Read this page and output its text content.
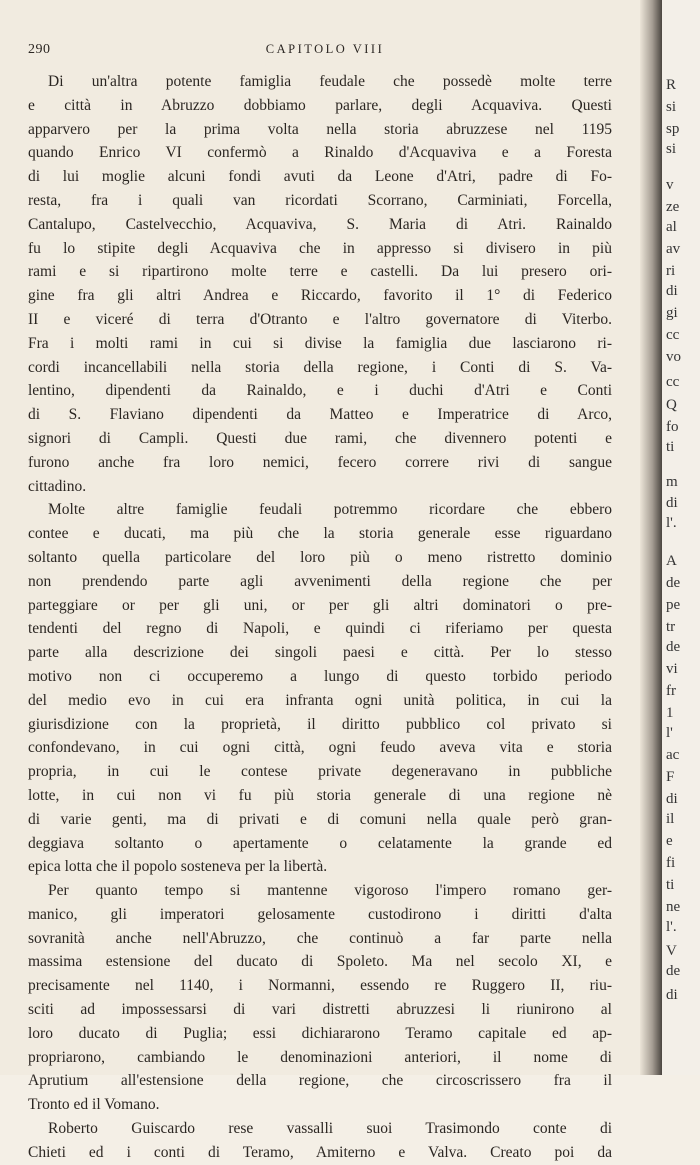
290	CAPITOLO VIII
Di un'altra potente famiglia feudale che possedè molte terre
e città in Abruzzo dobbiamo parlare, degli Acquaviva. Questi
apparvero per la prima volta nella storia abruzzese nel 1195
quando Enrico VI confermò a Rinaldo d'Acquaviva e a Foresta
di lui moglie alcuni fondi avuti da Leone d'Atri, padre di Fo-
resta, fra i quali van ricordati Scorrano, Carminiati, Forcella,
Cantalupo, Castelvecchio, Acquaviva, S. Maria di Atri. Rainaldo
fu lo stipite degli Acquaviva che in appresso si divisero in più
rami e si ripartirono molte terre e castelli. Da lui presero ori-
gine fra gli altri Andrea e Riccardo, favorito il 1° di Federico
II e viceré di terra d'Otranto e l'altro governatore di Viterbo.
Fra i molti rami in cui si divise la famiglia due lasciarono ri-
cordi incancellabili nella storia della regione, i Conti di S. Va-
lentino, dipendenti da Rainaldo, e i duchi d'Atri e Conti
di S. Flaviano dipendenti da Matteo e Imperatrice di Arco,
signori di Campli. Questi due rami, che divennero potenti e
furono anche fra loro nemici, fecero correre rivi di sangue
cittadino.
Molte altre famiglie feudali potremmo ricordare che ebbero
contee e ducati, ma più che la storia generale esse riguardano
soltanto quella particolare del loro più o meno ristretto dominio
non prendendo parte agli avvenimenti della regione che per
parteggiare or per gli uni, or per gli altri dominatori o pre-
tendenti del regno di Napoli, e quindi ci riferiamo per questa
parte alla descrizione dei singoli paesi e città. Per lo stesso
motivo non ci occuperemo a lungo di questo torbido periodo
del medio evo in cui era infranta ogni unità politica, in cui la
giurisdizione con la proprietà, il diritto pubblico col privato si
confondevano, in cui ogni città, ogni feudo aveva vita e storia
propria, in cui le contese private degeneravano in pubbliche
lotte, in cui non vi fu più storia generale di una regione nè
di varie genti, ma di privati e di comuni nella quale però gran-
deggiava soltanto o apertamente o celatamente la grande ed
epica lotta che il popolo sosteneva per la libertà.
Per quanto tempo si mantenne vigoroso l'impero romano ger-
manico, gli imperatori gelosamente custodirono i diritti d'alta
sovranità anche nell'Abruzzo, che continuò a far parte nella
massima estensione del ducato di Spoleto. Ma nel secolo XI, e
precisamente nel 1140, i Normanni, essendo re Ruggero II, riu-
sciti ad impossessarsi di vari distretti abruzzesi li riunirono al
loro ducato di Puglia; essi dichiararono Teramo capitale ed ap-
propriarono, cambiando le denominazioni anteriori, il nome di
Aprutium all'estensione della regione, che circoscrissero fra il
Tronto ed il Vomano.
Roberto Guiscardo rese vassalli suoi Trasimondo conte di
Chieti ed i conti di Teramo, Amiterno e Valva. Creato poi da
R
si
sp
si
v
ze
al
av
ri
di
gi
cc
vo
cc
Q
fo
ti
m
di
l'.
A
de
pe
tr
de
vi
fr
1
l'
ac
F
di
il
e
fi
ti
ne
l'.
V
de
di
